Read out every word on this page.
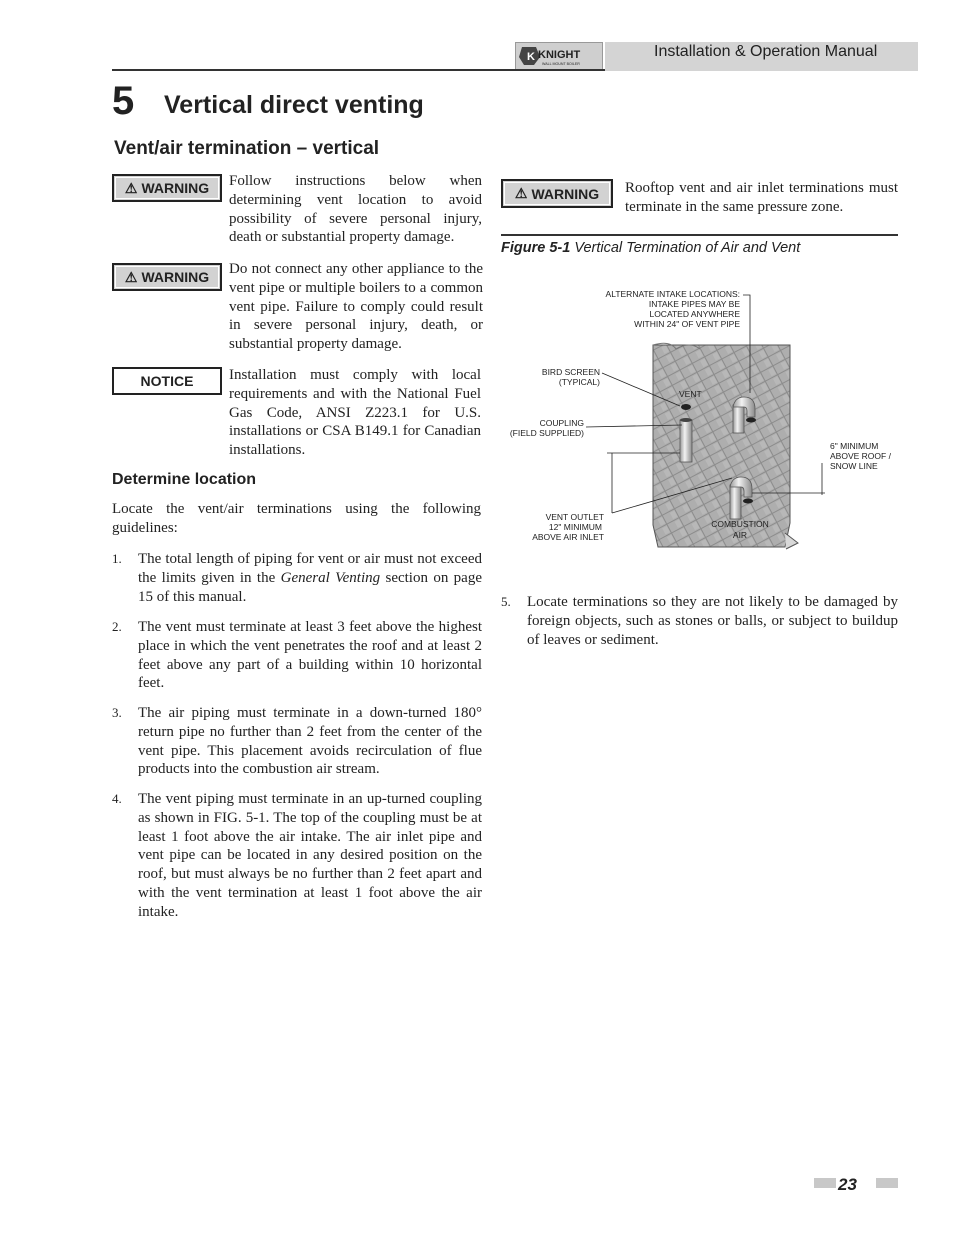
K KNIGHT
WALL MOUNT BOILER
Installation & Operation Manual
5 Vertical direct venting
Vent/air termination – vertical
⚠ WARNING Follow instructions below when determining vent location to avoid possibility of severe personal injury, death or substantial property damage.
⚠ WARNING Do not connect any other appliance to the vent pipe or multiple boilers to a common vent pipe. Failure to comply could result in severe personal injury, death, or substantial property damage.
NOTICE Installation must comply with local requirements and with the National Fuel Gas Code, ANSI Z223.1 for U.S. installations or CSA B149.1 for Canadian installations.
Determine location
Locate the vent/air terminations using the following guidelines:
1. The total length of piping for vent or air must not exceed the limits given in the General Venting section on page 15 of this manual.
2. The vent must terminate at least 3 feet above the highest place in which the vent penetrates the roof and at least 2 feet above any part of a building within 10 horizontal feet.
3. The air piping must terminate in a down-turned 180° return pipe no further than 2 feet from the center of the vent pipe. This placement avoids recirculation of flue products into the combustion air stream.
4. The vent piping must terminate in an up-turned coupling as shown in FIG. 5-1. The top of the coupling must be at least 1 foot above the air intake. The air inlet pipe and vent pipe can be located in any desired position on the roof, but must always be no further than 2 feet apart and with the vent termination at least 1 foot above the air intake.
⚠ WARNING Rooftop vent and air inlet terminations must terminate in the same pressure zone.
Figure 5-1 Vertical Termination of Air and Vent
ALTERNATE INTAKE LOCATIONS:
INTAKE PIPES MAY BE
LOCATED ANYWHERE
WITHIN 24" OF VENT PIPE
BIRD SCREEN
(TYPICAL)
VENT
COUPLING
(FIELD SUPPLIED)
6" MINIMUM
ABOVE ROOF /
SNOW LINE
VENT OUTLET
12" MINIMUM
ABOVE AIR INLET
COMBUSTION
AIR
5. Locate terminations so they are not likely to be damaged by foreign objects, such as stones or balls, or subject to buildup of leaves or sediment.
23
